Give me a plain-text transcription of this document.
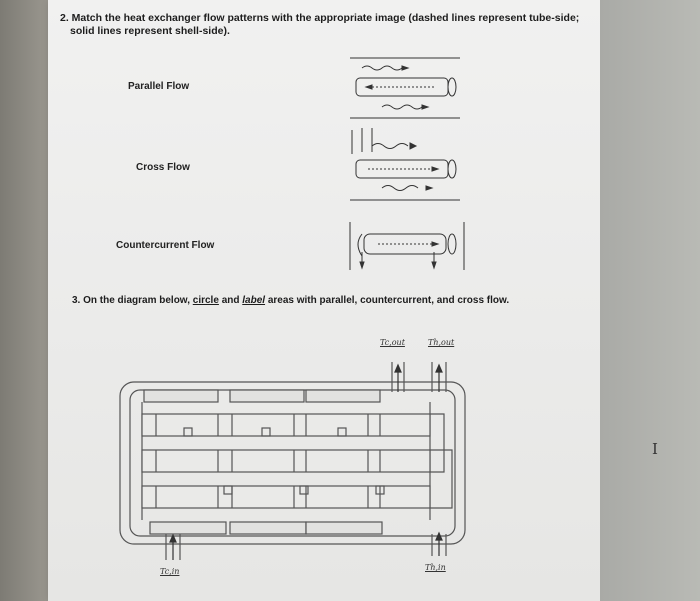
2. Match the heat exchanger flow patterns with the appropriate image (dashed lines represent tube-side;
solid lines represent shell-side).
Parallel Flow
Cross Flow
Countercurrent Flow
3. On the diagram below, circle and label areas with parallel, countercurrent, and cross flow.
Tc,out	Th,out
Tc,in	Th,in
I
